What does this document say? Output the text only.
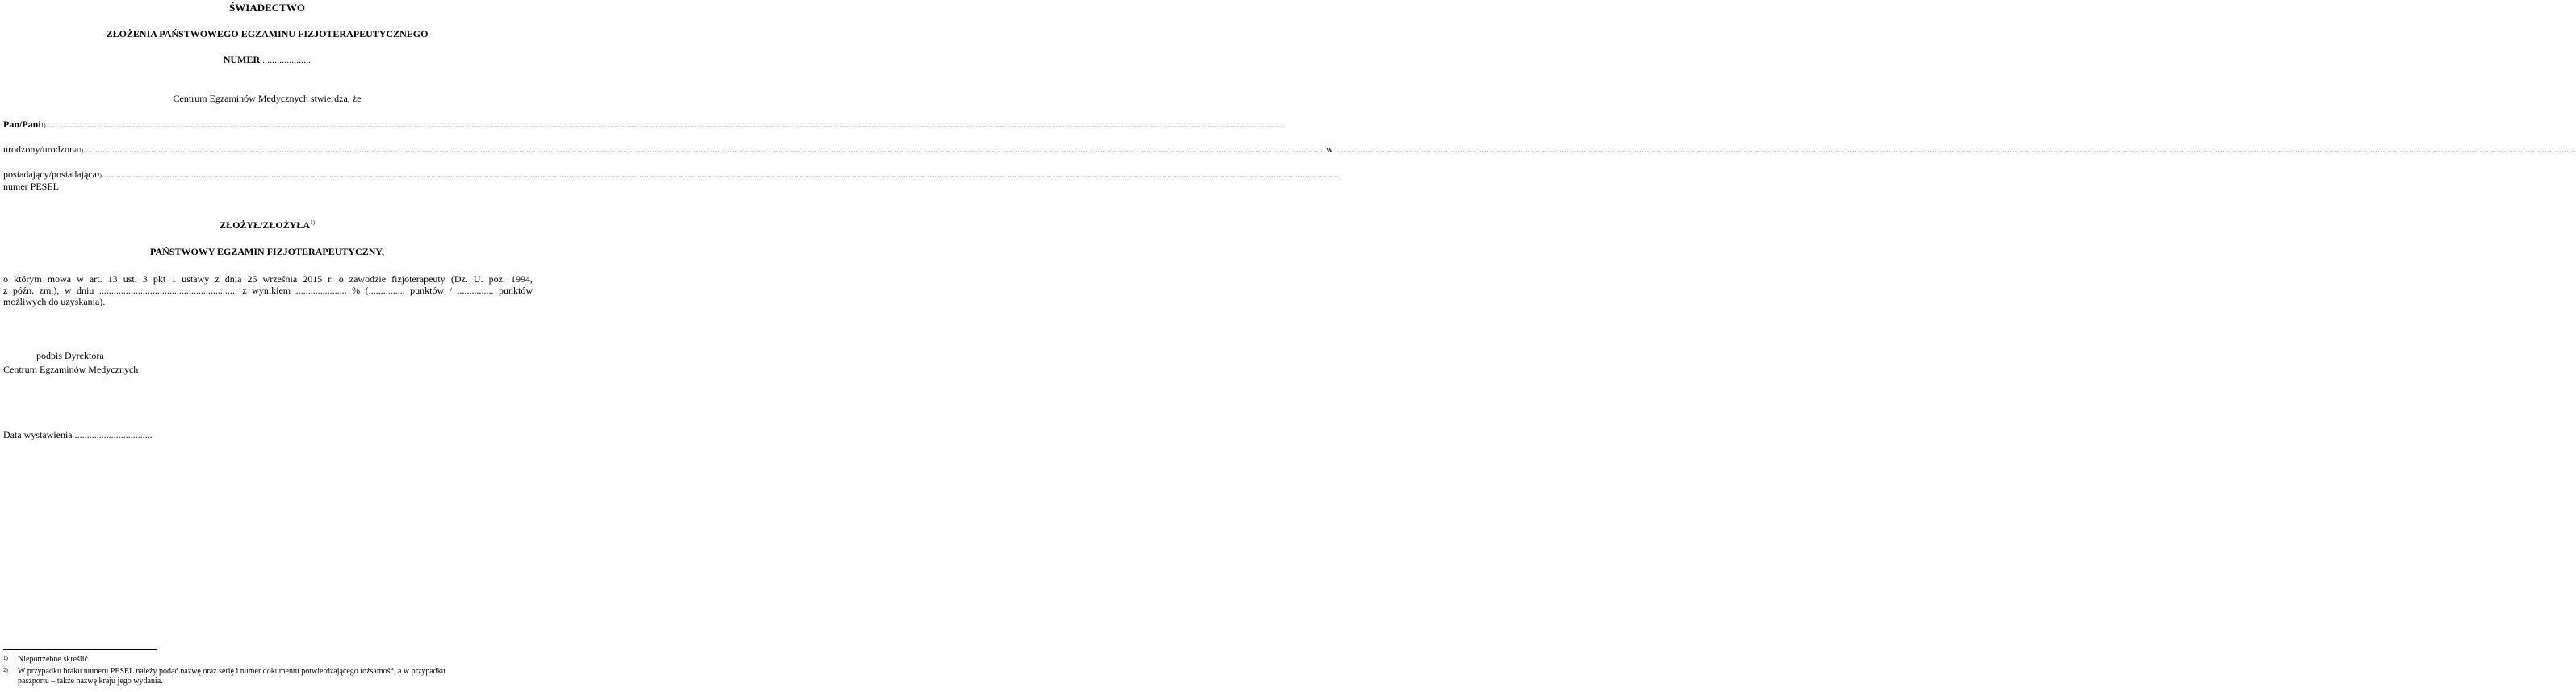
ŚWIADECTWO
ZŁOŻENIA PAŃSTWOWEGO EGZAMINU FIZJOTERAPEUTYCZNEGO
NUMER ....................
Centrum Egzaminów Medycznych stwierdza, że
Pan/Pani 1) ................................................................................................................................................................................................................................................................................................................................................................................................................................................................................................................................
urodzony/urodzona 1) ................................................................................................................................................................................................................................................................................................................................................................................................................................................................................................................................ w ................................................................................................................................................................................................................................................................................................................................................................................................................................................................................................................................
posiadający/posiadająca numer PESEL
2) ................................................................................................................................................................................................................................................................................................................................................................................................................................................................................................................................
ZŁOŻYŁ/ZŁOŻYŁA$^{1)}$
PAŃSTWOWY EGZAMIN FIZJOTERAPEUTYCZNY,
o którym mowa w art. 13 ust. 3 pkt 1 ustawy z dnia 25 września 2015 r. o zawodzie fizjoterapeuty (Dz. U. poz. 1994,
z późn. zm.), w dniu ......................................................... z wynikiem ..................... % (............... punktów / ............... punktów
możliwych do uzyskania).
podpis Dyrektora
Centrum Egzaminów Medycznych
Data wystawienia ................................
1) Niepotrzebne skreślić.
2) W przypadku braku numeru PESEL należy podać nazwę oraz serię i numer dokumentu potwierdzającego tożsamość, a w przypadku
paszportu – także nazwę kraju jego wydania.
